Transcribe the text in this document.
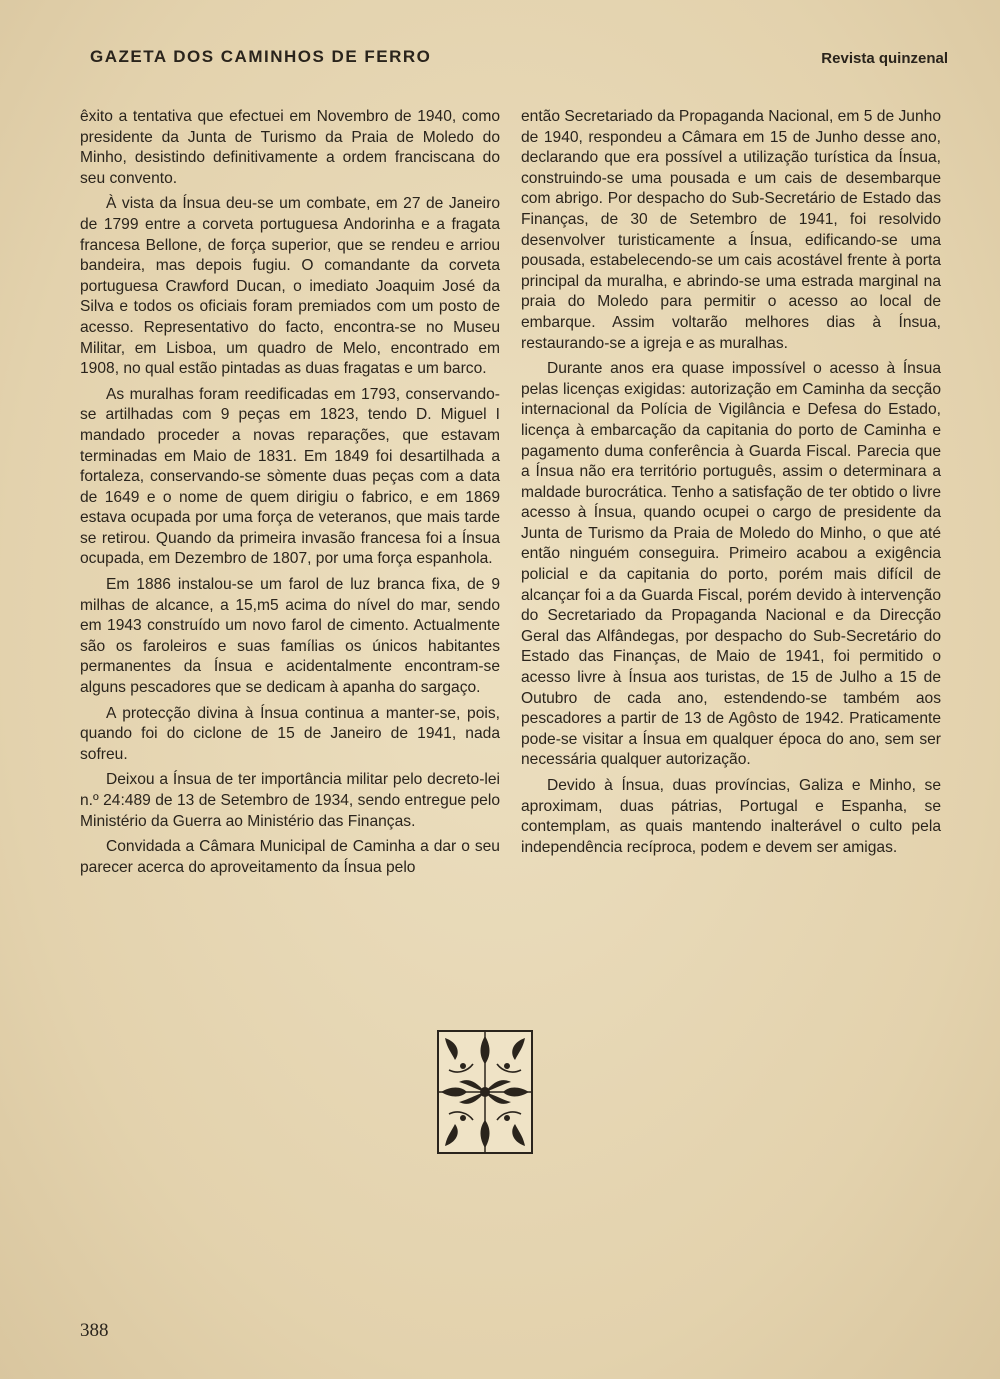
GAZETA DOS CAMINHOS DE FERRO	Revista quinzenal

êxito a tentativa que efectuei em Novembro de 1940, como presidente da Junta de Turismo da Praia de Moledo do Minho, desistindo definitivamente a ordem franciscana do seu convento.

À vista da Ínsua deu-se um combate, em 27 de Janeiro de 1799 entre a corveta portuguesa Andorinha e a fragata francesa Bellone, de força superior, que se rendeu e arriou bandeira, mas depois fugiu. O comandante da corveta portuguesa Crawford Ducan, o imediato Joaquim José da Silva e todos os oficiais foram premiados com um posto de acesso. Representativo do facto, encontra-se no Museu Militar, em Lisboa, um quadro de Melo, encontrado em 1908, no qual estão pintadas as duas fragatas e um barco.

As muralhas foram reedificadas em 1793, conservando-se artilhadas com 9 peças em 1823, tendo D. Miguel I mandado proceder a novas reparações, que estavam terminadas em Maio de 1831. Em 1849 foi desartilhada a fortaleza, conservando-se sòmente duas peças com a data de 1649 e o nome de quem dirigiu o fabrico, e em 1869 estava ocupada por uma força de veteranos, que mais tarde se retirou. Quando da primeira invasão francesa foi a Ínsua ocupada, em Dezembro de 1807, por uma força espanhola.

Em 1886 instalou-se um farol de luz branca fixa, de 9 milhas de alcance, a 15,m5 acima do nível do mar, sendo em 1943 construído um novo farol de cimento. Actualmente são os faroleiros e suas famílias os únicos habitantes permanentes da Ínsua e acidentalmente encontram-se alguns pescadores que se dedicam à apanha do sargaço.

A protecção divina à Ínsua continua a manter-se, pois, quando foi do ciclone de 15 de Janeiro de 1941, nada sofreu.

Deixou a Ínsua de ter importância militar pelo decreto-lei n.º 24:489 de 13 de Setembro de 1934, sendo entregue pelo Ministério da Guerra ao Ministério das Finanças.

Convidada a Câmara Municipal de Caminha a dar o seu parecer acerca do aproveitamento da Ínsua pelo

então Secretariado da Propaganda Nacional, em 5 de Junho de 1940, respondeu a Câmara em 15 de Junho desse ano, declarando que era possível a utilização turística da Ínsua, construindo-se uma pousada e um cais de desembarque com abrigo. Por despacho do Sub-Secretário de Estado das Finanças, de 30 de Setembro de 1941, foi resolvido desenvolver turisticamente a Ínsua, edificando-se uma pousada, estabelecendo-se um cais acostável frente à porta principal da muralha, e abrindo-se uma estrada marginal na praia do Moledo para permitir o acesso ao local de embarque. Assim voltarão melhores dias à Ínsua, restaurando-se a igreja e as muralhas.

Durante anos era quase impossível o acesso à Ínsua pelas licenças exigidas: autorização em Caminha da secção internacional da Polícia de Vigilância e Defesa do Estado, licença à embarcação da capitania do porto de Caminha e pagamento duma conferência à Guarda Fiscal. Parecia que a Ínsua não era território português, assim o determinara a maldade burocrática. Tenho a satisfação de ter obtido o livre acesso à Ínsua, quando ocupei o cargo de presidente da Junta de Turismo da Praia de Moledo do Minho, o que até então ninguém conseguira. Primeiro acabou a exigência policial e da capitania do porto, porém mais difícil de alcançar foi a da Guarda Fiscal, porém devido à intervenção do Secretariado da Propaganda Nacional e da Direcção Geral das Alfândegas, por despacho do Sub-Secretário do Estado das Finanças, de Maio de 1941, foi permitido o acesso livre à Ínsua aos turistas, de 15 de Julho a 15 de Outubro de cada ano, estendendo-se também aos pescadores a partir de 13 de Agôsto de 1942. Praticamente pode-se visitar a Ínsua em qualquer época do ano, sem ser necessária qualquer autorização.

Devido à Ínsua, duas províncias, Galiza e Minho, se aproximam, duas pátrias, Portugal e Espanha, se contemplam, as quais mantendo inalterável o culto pela independência recíproca, podem e devem ser amigas.

388
